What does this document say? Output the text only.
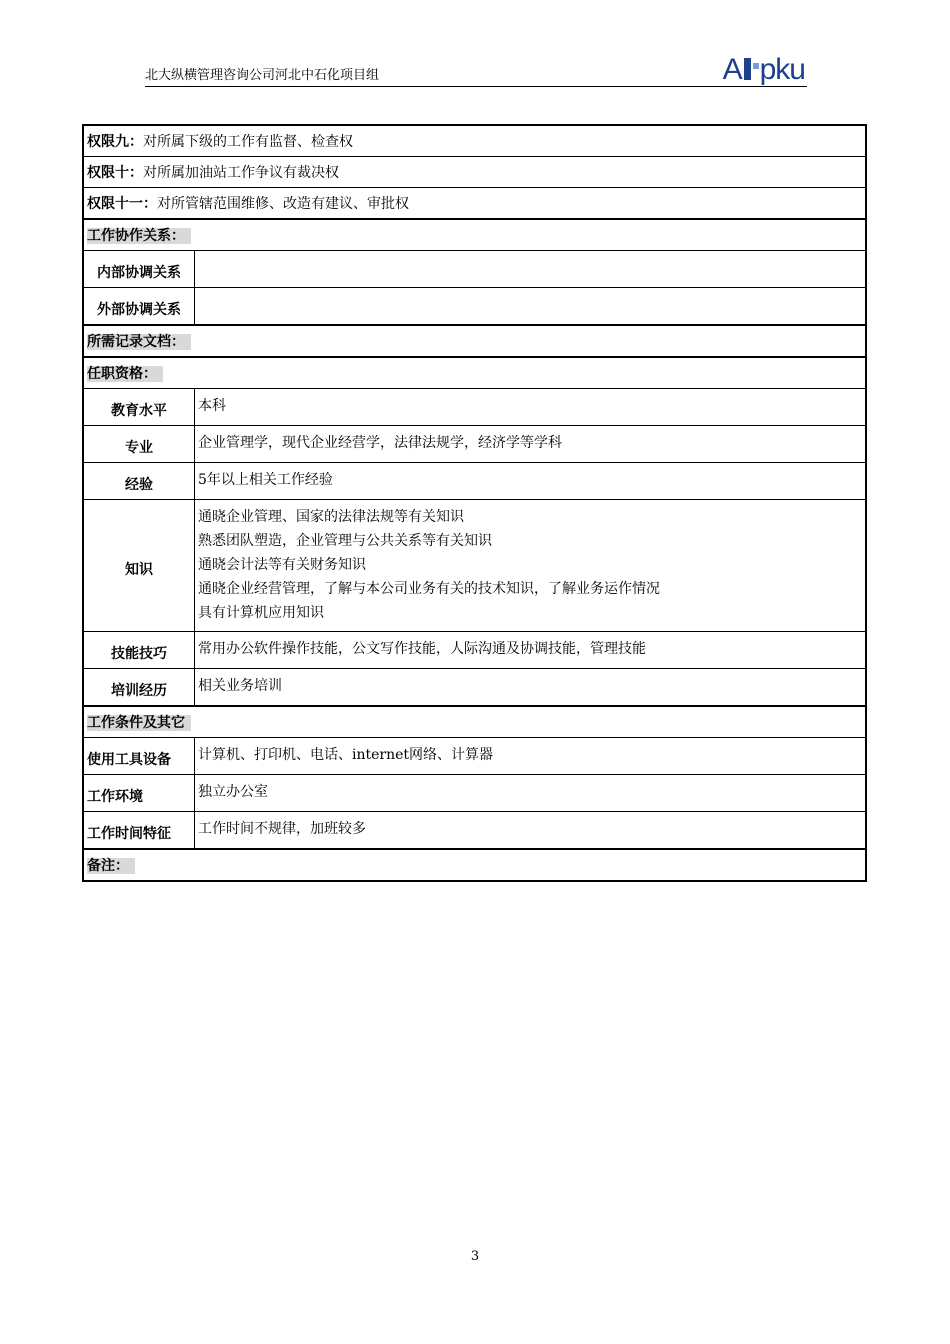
北大纵横管理咨询公司河北中石化项目组	A pku
权限九：对所属下级的工作有监督、检查权	
权限十：对所属加油站工作争议有裁决权	
权限十一：对所管辖范围维修、改造有建议、审批权	
工作协作关系：	
内部协调关系	
外部协调关系	
所需记录文档：	
任职资格：	
教育水平	本科
专业	企业管理学，现代企业经营学，法律法规学，经济学等学科
经验	5年以上相关工作经验
知识	通晓企业管理、国家的法律法规等有关知识
熟悉团队塑造，企业管理与公共关系等有关知识
通晓会计法等有关财务知识
通晓企业经营管理，了解与本公司业务有关的技术知识，了解业务运作情况
具有计算机应用知识

技能技巧	常用办公软件操作技能，公文写作技能，人际沟通及协调技能，管理技能
培训经历	相关业务培训
工作条件及其它	
使用工具设备	计算机、打印机、电话、internet网络、计算器
工作环境	独立办公室
工作时间特征	工作时间不规律，加班较多
备注：	
3
